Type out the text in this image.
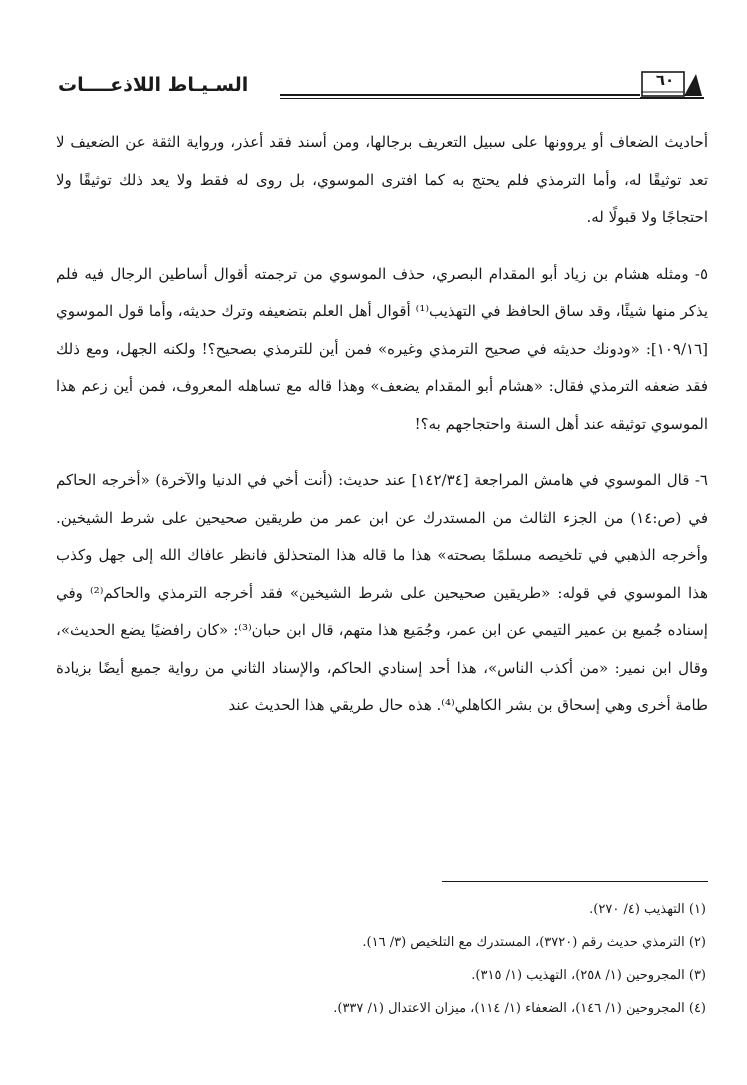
السـيـاط اللاذعــــات	٦٠

أحاديث الضعاف أو يروونها على سبيل التعريف برجالها، ومن أسند فقد أعذر، ورواية الثقة عن الضعيف لا تعد توثيقًا له، وأما الترمذي فلم يحتج به كما افترى الموسوي، بل روى له فقط ولا يعد ذلك توثيقًا ولا احتجاجًا ولا قبولًا له.

٥- ومثله هشام بن زياد أبو المقدام البصري، حذف الموسوي من ترجمته أقوال أساطين الرجال فيه فلم يذكر منها شيئًا، وقد ساق الحافظ في التهذيب⁽¹⁾ أقوال أهل العلم بتضعيفه وترك حديثه، وأما قول الموسوي [١٠٩/١٦]: «ودونك حديثه في صحيح الترمذي وغيره» فمن أين للترمذي بصحيح؟! ولكنه الجهل، ومع ذلك فقد ضعفه الترمذي فقال: «هشام أبو المقدام يضعف» وهذا قاله مع تساهله المعروف، فمن أين زعم هذا الموسوي توثيقه عند أهل السنة واحتجاجهم به؟!

٦- قال الموسوي في هامش المراجعة [١٤٢/٣٤] عند حديث: (أنت أخي في الدنيا والآخرة) «أخرجه الحاكم في (ص:١٤) من الجزء الثالث من المستدرك عن ابن عمر من طريقين صحيحين على شرط الشيخين. وأخرجه الذهبي في تلخيصه مسلمًا بصحته» هذا ما قاله هذا المتحذلق فانظر عافاك الله إلى جهل وكذب هذا الموسوي في قوله: «طريقين صحيحين على شرط الشيخين» فقد أخرجه الترمذي والحاكم⁽²⁾ وفي إسناده جُميع بن عمير التيمي عن ابن عمر، وجُمَيع هذا متهم، قال ابن حبان⁽³⁾: «كان رافضيًا يضع الحديث»، وقال ابن نمير: «من أكذب الناس»، هذا أحد إسنادي الحاكم، والإسناد الثاني من رواية جميع أيضًا بزيادة طامة أخرى وهي إسحاق بن بشر الكاهلي⁽⁴⁾. هذه حال طريقي هذا الحديث عند

(١) التهذيب (٤/ ٢٧٠).

(٢) الترمذي حديث رقم (٣٧٢٠)، المستدرك مع التلخيص (٣/ ١٦).

(٣) المجروحين (١/ ٢٥٨)، التهذيب (١/ ٣١٥).

(٤) المجروحين (١/ ١٤٦)، الضعفاء (١/ ١١٤)، ميزان الاعتدال (١/ ٣٣٧).
